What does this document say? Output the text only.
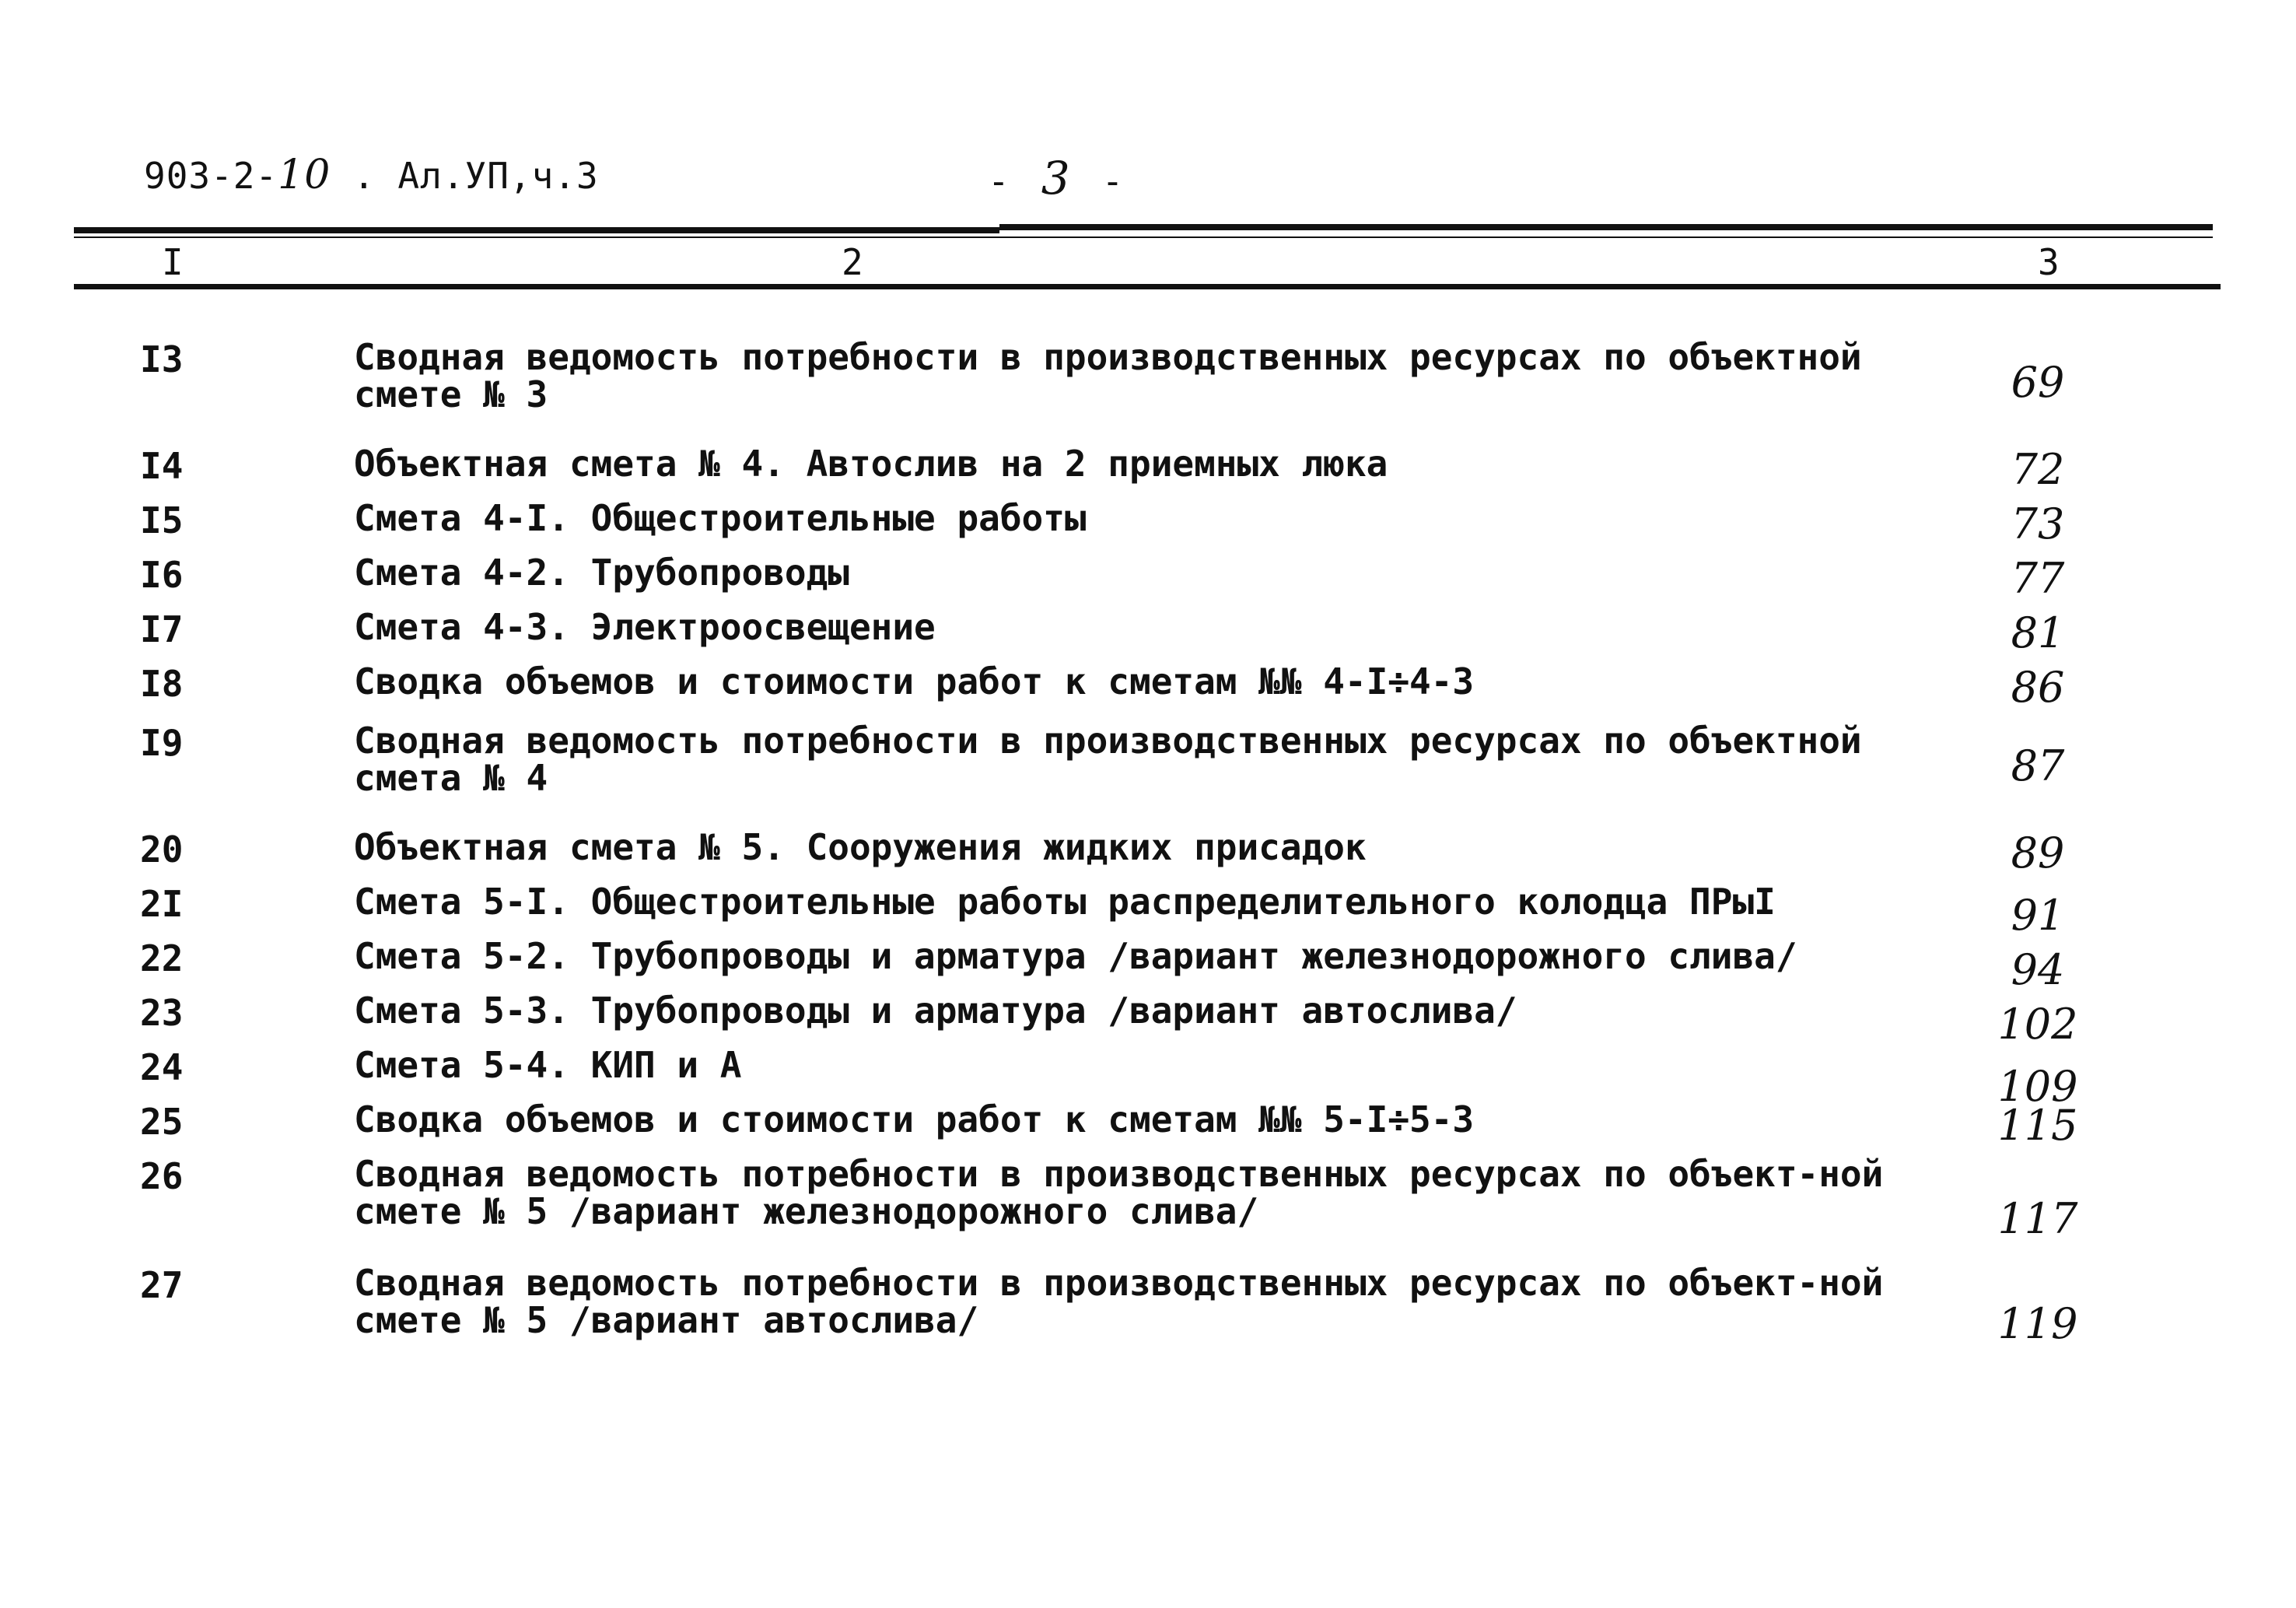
903-2-10 . Ал.УП,ч.3	- 3 -
I	2	3
I3	Сводная ведомость потребности в производственных ресурсах по объектной смете № 3	69
I4	Объектная смета № 4. Автослив на 2 приемных люка	72
I5	Смета 4-I. Общестроительные работы	73
I6	Смета 4-2. Трубопроводы	77
I7	Смета 4-3. Электроосвещение	81
I8	Сводка объемов и стоимости работ к сметам №№ 4-I÷4-3	86
I9	Сводная ведомость потребности в производственных ресурсах по объектной смета № 4	87
20	Объектная смета № 5. Сооружения жидких присадок	89
2I	Смета 5-I. Общестроительные работы распределительного колодца ПРыI	91
22	Смета 5-2. Трубопроводы и арматура /вариант железнодорожного слива/	94
23	Смета 5-3. Трубопроводы и арматура /вариант автослива/	102
24	Смета 5-4. КИП и А	109
25	Сводка объемов и стоимости работ к сметам №№ 5-I÷5-3	115
26	Сводная ведомость потребности в производственных ресурсах по объект-ной смете № 5 /вариант железнодорожного слива/	117
27	Сводная ведомость потребности в производственных ресурсах по объект-ной смете № 5 /вариант автослива/	119
